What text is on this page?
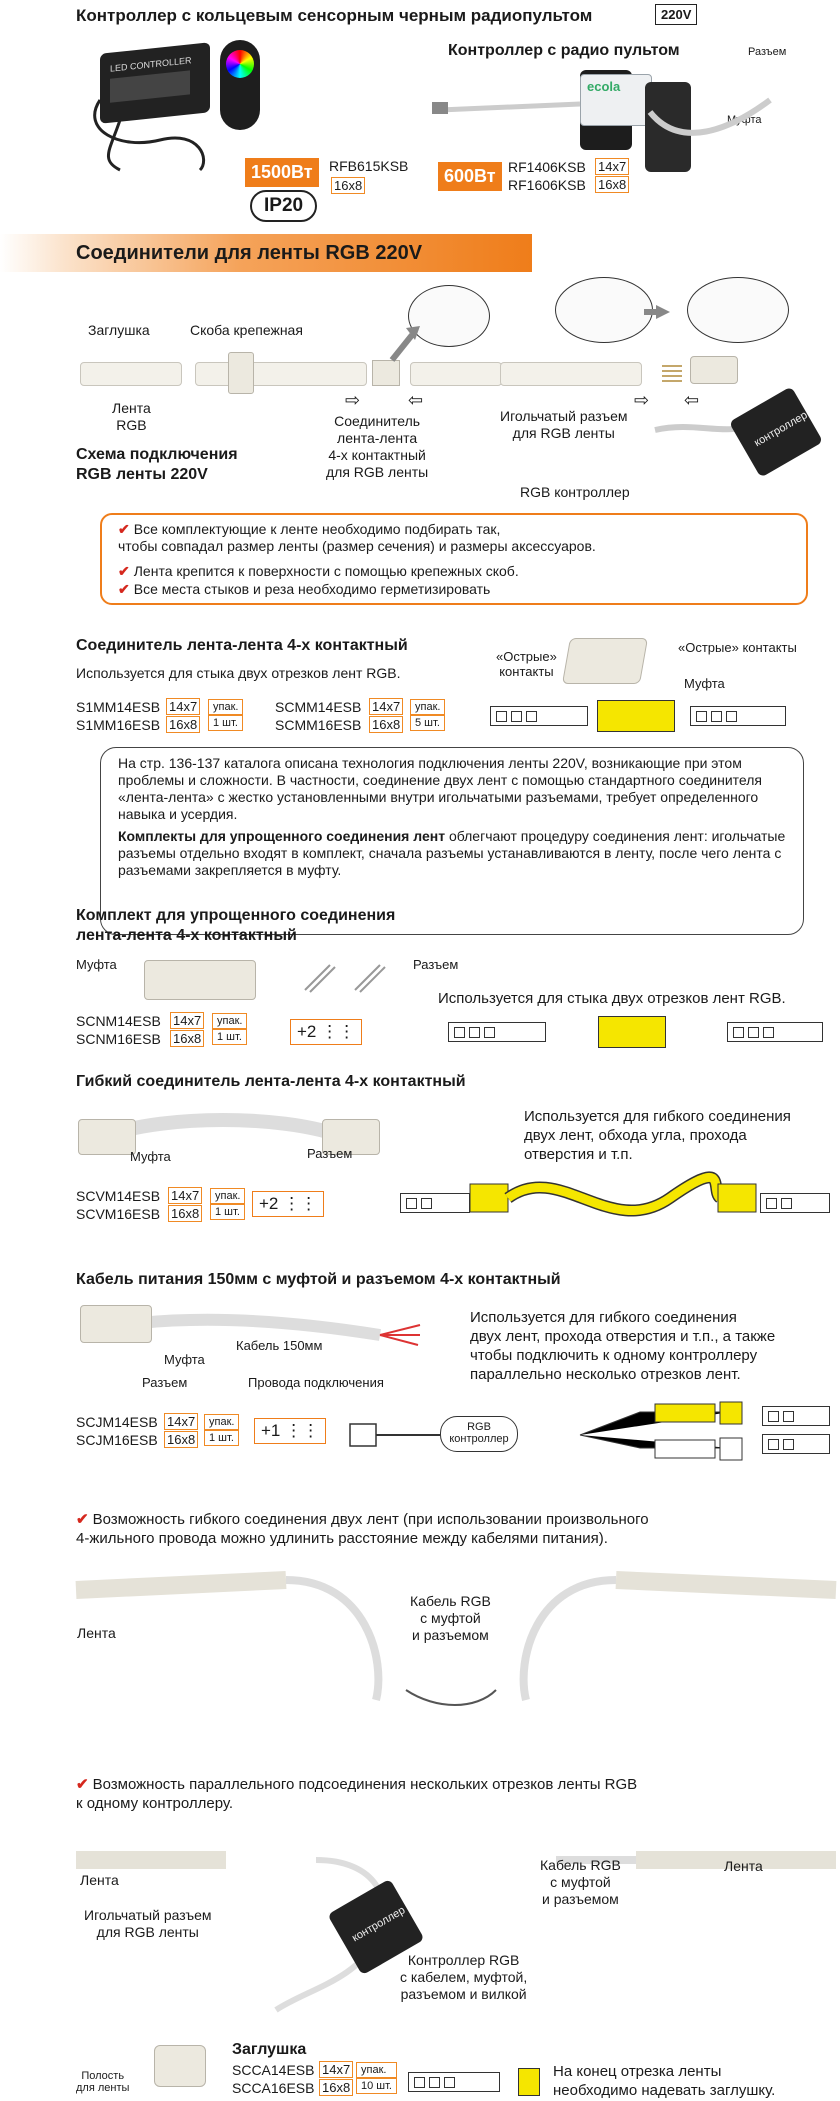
Контроллер с кольцевым сенсорным черным радиопультом	220V
LED CONTROLLER
1500Вт	RFB615KSB
16х8
IP20
Контроллер с радио пультом	Разъем
Муфта
ecola
600Вт RF1406KSB 14х7
RF1606KSB 16х8
Соединители для ленты RGB 220V
Заглушка	Скоба крепежная
⇨	⇦	⇨ ⇦
Лента
RGB	Соединитель
лента-лента
4-х контактный
для RGB ленты
Игольчатый разъем
для RGB ленты
RGB контроллер
контроллер
Схема подключения
RGB ленты 220V
✔ Все комплектующие к ленте необходимо подбирать так,
чтобы совпадал размер ленты (размер сечения) и размеры аксессуаров.
✔ Лента крепится к поверхности с помощью крепежных скоб.
✔ Все места стыков и реза необходимо герметизировать
Соединитель лента-лента 4-х контактный
Используется для стыка двух отрезков лент RGB.
S1MM14ESB 14х7
S1MM16ESB 16х8
упак.
1 шт.
SCMM14ESB 14х7
SCMM16ESB 16х8
упак.
5 шт.
«Острые»
контакты
«Острые» контакты
Муфта
На стр. 136-137 каталога описана технология подключения ленты 220V, возникающие при этом проблемы и сложности. В частности, соединение двух лент с помощью стандартного соединителя «лента-лента» с жестко установленными внутри игольчатыми разъемами, требует определенного навыка и усердия.
Комплекты для упрощенного соединения лент облегчают процедуру соединения лент: игольчатые разъемы отдельно входят в комплект, сначала разъемы устанавливаются в ленту, после чего лента с разъемами закрепляется в муфту.
Комплект для упрощенного соединения
лента-лента 4-х контактный
Муфта	Разъем
SCNM14ESB 14х7
SCNM16ESB 16х8
упак.
1 шт.	+2 ⋮⋮
Используется для стыка двух отрезков лент RGB.
Гибкий соединитель лента-лента 4-х контактный
Муфта	Разъем
SCVM14ESB 14х7
SCVM16ESB 16х8
упак.
1 шт.	+2 ⋮⋮
Используется для гибкого соединения
двух лент, обхода угла, прохода
отверстия и т.п.
Кабель питания 150мм с муфтой и разъемом 4-х контактный
Кабель 150мм
Муфта
Разъем	Провода подключения
SCJM14ESB 14х7
SCJM16ESB 16х8
упак.
1 шт.	+1 ⋮⋮
Используется для гибкого соединения
двух лент, прохода отверстия и т.п., а также
чтобы подключить к одному контроллеру
параллельно несколько отрезков лент.
RGB
контроллер
✔ Возможность гибкого соединения двух лент (при использовании произвольного
4-жильного провода можно удлинить расстояние между кабелями питания).
Лента
Кабель RGB
с муфтой
и разъемом
✔ Возможность параллельного подсоединения нескольких отрезков ленты RGB
к одному контроллеру.
Лента
Лента
Игольчатый разъем
для RGB ленты
Кабель RGB
с муфтой
и разъемом
контроллер
Контроллер RGB
с кабелем, муфтой,
разъемом и вилкой
Заглушка
Полость
для ленты
SCCA14ESB 14х7
SCCA16ESB 16х8
упак.
10 шт.
На конец отрезка ленты
необходимо надевать заглушку.
